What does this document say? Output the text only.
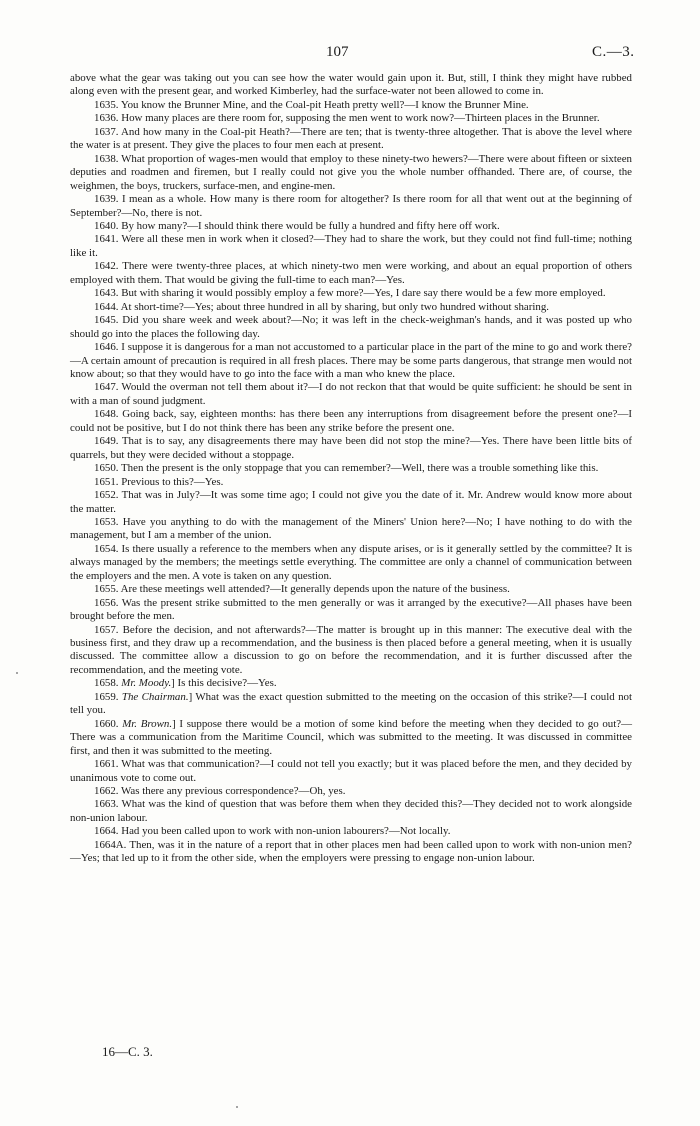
107	C.—3.

above what the gear was taking out you can see how the water would gain upon it. But, still, I think they might have rubbed along even with the present gear, and worked Kimberley, had the surface-water not been allowed to come in.

1635. You know the Brunner Mine, and the Coal-pit Heath pretty well?—I know the Brunner Mine.

1636. How many places are there room for, supposing the men went to work now?—Thirteen places in the Brunner.

1637. And how many in the Coal-pit Heath?—There are ten; that is twenty-three altogether. That is above the level where the water is at present. They give the places to four men each at present.

1638. What proportion of wages-men would that employ to these ninety-two hewers?—There were about fifteen or sixteen deputies and roadmen and firemen, but I really could not give you the whole number offhanded. There are, of course, the weighmen, the boys, truckers, surface-men, and engine-men.

1639. I mean as a whole. How many is there room for altogether? Is there room for all that went out at the beginning of September?—No, there is not.

1640. By how many?—I should think there would be fully a hundred and fifty here off work.

1641. Were all these men in work when it closed?—They had to share the work, but they could not find full-time; nothing like it.

1642. There were twenty-three places, at which ninety-two men were working, and about an equal proportion of others employed with them. That would be giving the full-time to each man?—Yes.

1643. But with sharing it would possibly employ a few more?—Yes, I dare say there would be a few more employed.

1644. At short-time?—Yes; about three hundred in all by sharing, but only two hundred without sharing.

1645. Did you share week and week about?—No; it was left in the check-weighman's hands, and it was posted up who should go into the places the following day.

1646. I suppose it is dangerous for a man not accustomed to a particular place in the part of the mine to go and work there?—A certain amount of precaution is required in all fresh places. There may be some parts dangerous, that strange men would not know about; so that they would have to go into the face with a man who knew the place.

1647. Would the overman not tell them about it?—I do not reckon that that would be quite sufficient: he should be sent in with a man of sound judgment.

1648. Going back, say, eighteen months: has there been any interruptions from disagreement before the present one?—I could not be positive, but I do not think there has been any strike before the present one.

1649. That is to say, any disagreements there may have been did not stop the mine?—Yes. There have been little bits of quarrels, but they were decided without a stoppage.

1650. Then the present is the only stoppage that you can remember?—Well, there was a trouble something like this.

1651. Previous to this?—Yes.

1652. That was in July?—It was some time ago; I could not give you the date of it. Mr. Andrew would know more about the matter.

1653. Have you anything to do with the management of the Miners' Union here?—No; I have nothing to do with the management, but I am a member of the union.

1654. Is there usually a reference to the members when any dispute arises, or is it generally settled by the committee? It is always managed by the members; the meetings settle everything. The committee are only a channel of communication between the employers and the men. A vote is taken on any question.

1655. Are these meetings well attended?—It generally depends upon the nature of the business.

1656. Was the present strike submitted to the men generally or was it arranged by the executive?—All phases have been brought before the men.

1657. Before the decision, and not afterwards?—The matter is brought up in this manner: The executive deal with the business first, and they draw up a recommendation, and the business is then placed before a general meeting, when it is usually discussed. The committee allow a discussion to go on before the recommendation, and it is further discussed after the recommendation, and the meeting vote.

1658. Mr. Moody.] Is this decisive?—Yes.

1659. The Chairman.] What was the exact question submitted to the meeting on the occasion of this strike?—I could not tell you.

1660. Mr. Brown.] I suppose there would be a motion of some kind before the meeting when they decided to go out?—There was a communication from the Maritime Council, which was submitted to the meeting. It was discussed in committee first, and then it was submitted to the meeting.

1661. What was that communication?—I could not tell you exactly; but it was placed before the men, and they decided by unanimous vote to come out.

1662. Was there any previous correspondence?—Oh, yes.

1663. What was the kind of question that was before them when they decided this?—They decided not to work alongside non-union labour.

1664. Had you been called upon to work with non-union labourers?—Not locally.

1664A. Then, was it in the nature of a report that in other places men had been called upon to work with non-union men?—Yes; that led up to it from the other side, when the employers were pressing to engage non-union labour.

16—C. 3.
